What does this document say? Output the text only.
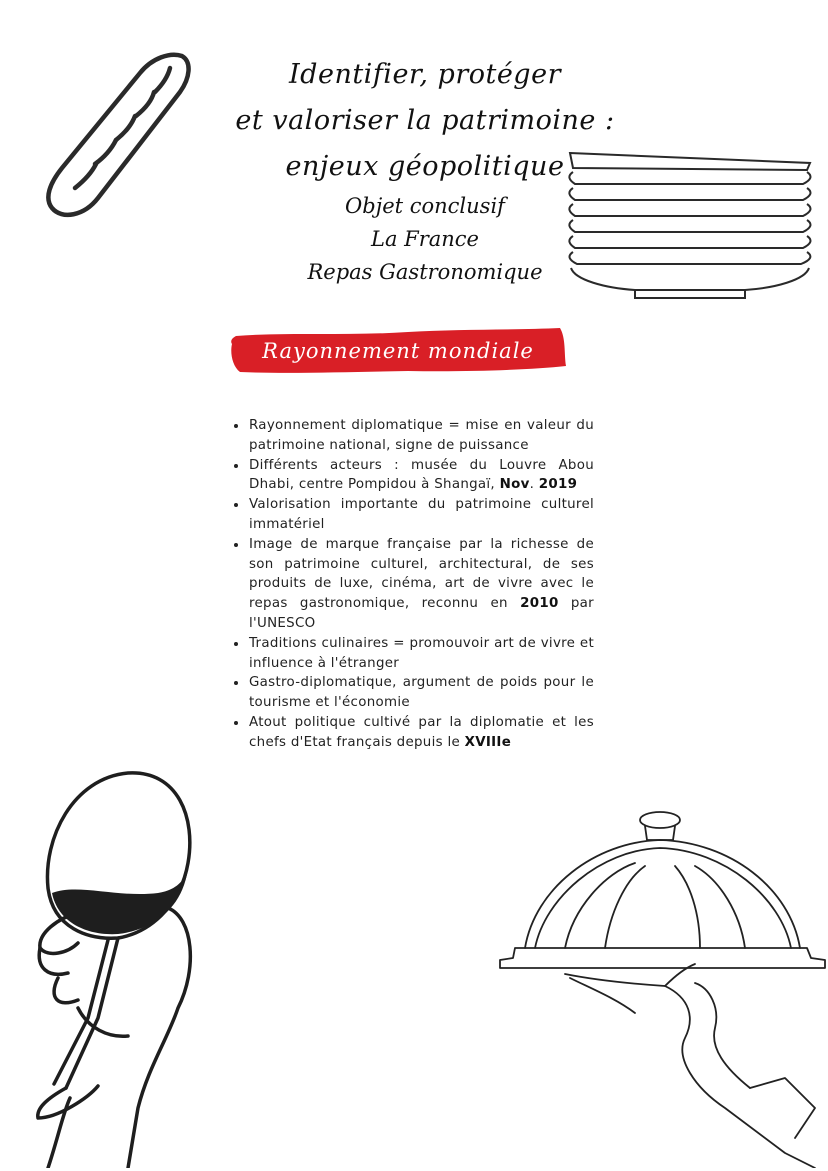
Identifier, protéger
et valoriser la patrimoine :
enjeux géopolitique
Objet conclusif
La France
Repas Gastronomique
Rayonnement mondiale
Rayonnement diplomatique = mise en valeur du patrimoine national, signe de puissance
Différents acteurs : musée du Louvre Abou Dhabi, centre Pompidou à Shangaï, Nov. 2019
Valorisation importante du patrimoine culturel immatériel
Image de marque française par la richesse de son patrimoine culturel, architectural, de ses produits de luxe, cinéma, art de vivre avec le repas gastronomique, reconnu en 2010 par l'UNESCO
Traditions culinaires = promouvoir art de vivre et influence à l'étranger
Gastro-diplomatique, argument de poids pour le tourisme et l'économie
Atout politique cultivé par la diplomatie et les chefs d'Etat français depuis le XVIIIe
